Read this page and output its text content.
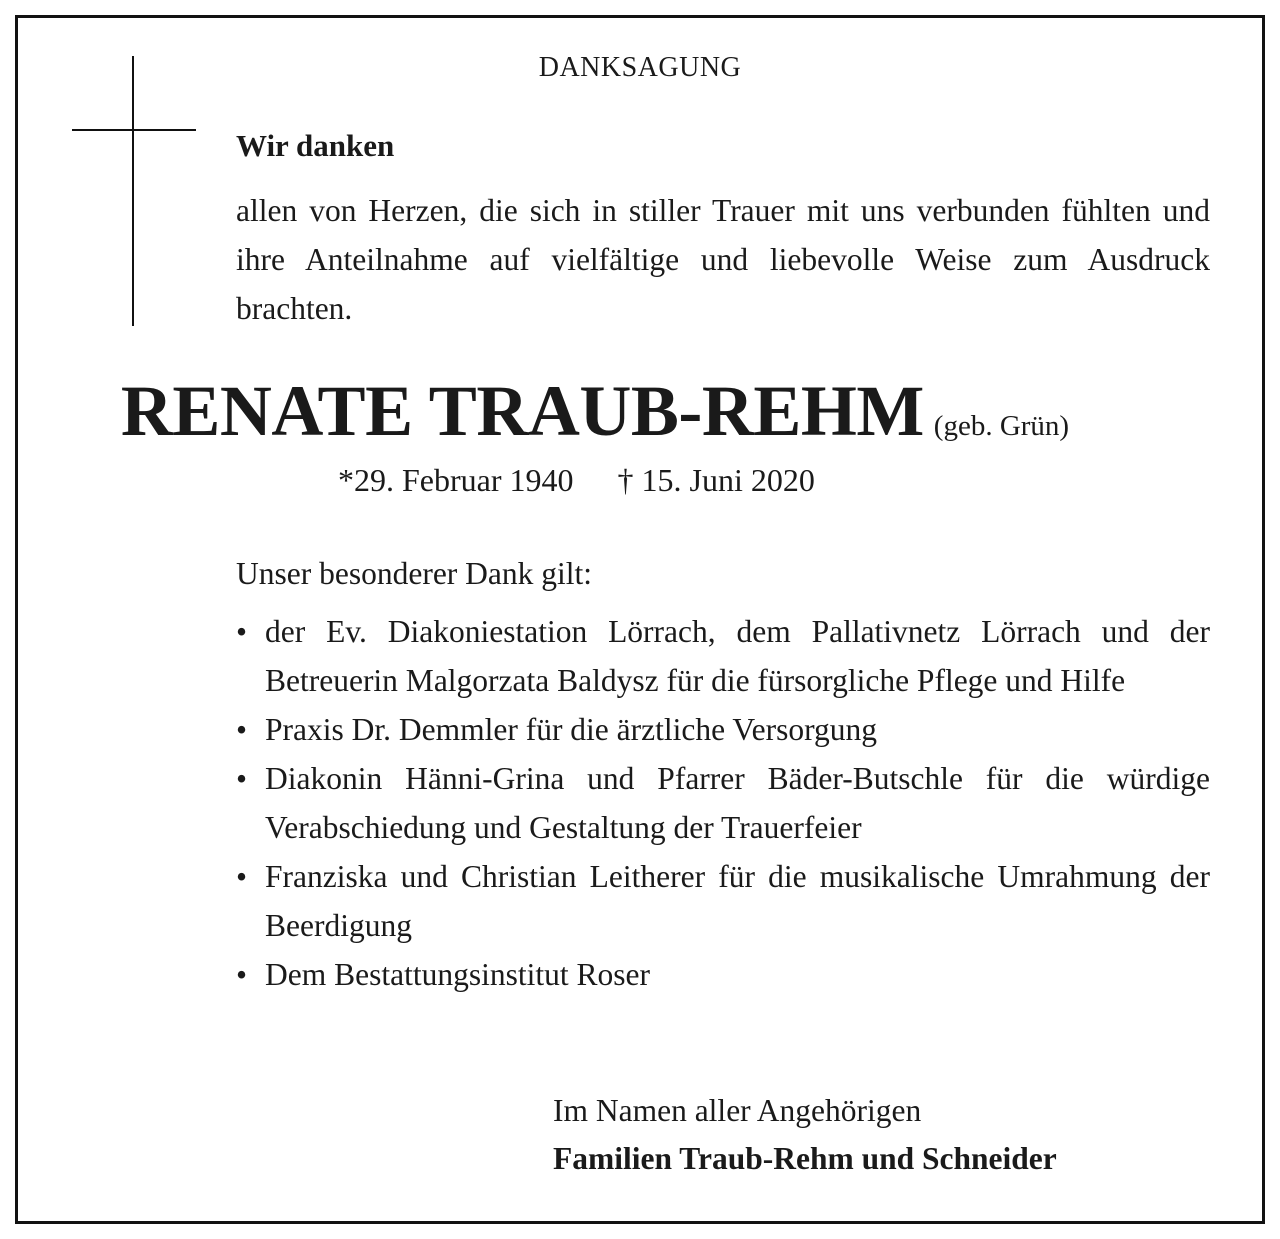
DANKSAGUNG
Wir danken
allen von Herzen, die sich in stiller Trauer mit uns verbunden fühlten und ihre Anteilnahme auf vielfältige und liebevolle Weise zum Ausdruck brachten.
RENATE TRAUB-REHM (geb. Grün)
*29. Februar 1940 † 15. Juni 2020
Unser besonderer Dank gilt:
• der Ev. Diakoniestation Lörrach, dem Pallativnetz Lörrach und der Betreuerin Malgorzata Baldysz für die fürsorgliche Pflege und Hilfe
• Praxis Dr. Demmler für die ärztliche Versorgung
• Diakonin Hänni-Grina und Pfarrer Bäder-Butschle für die würdige Verabschiedung und Gestaltung der Trauerfeier
• Franziska und Christian Leitherer für die musikalische Umrahmung der Beerdigung
• Dem Bestattungsinstitut Roser
Im Namen aller Angehörigen
Familien Traub-Rehm und Schneider
